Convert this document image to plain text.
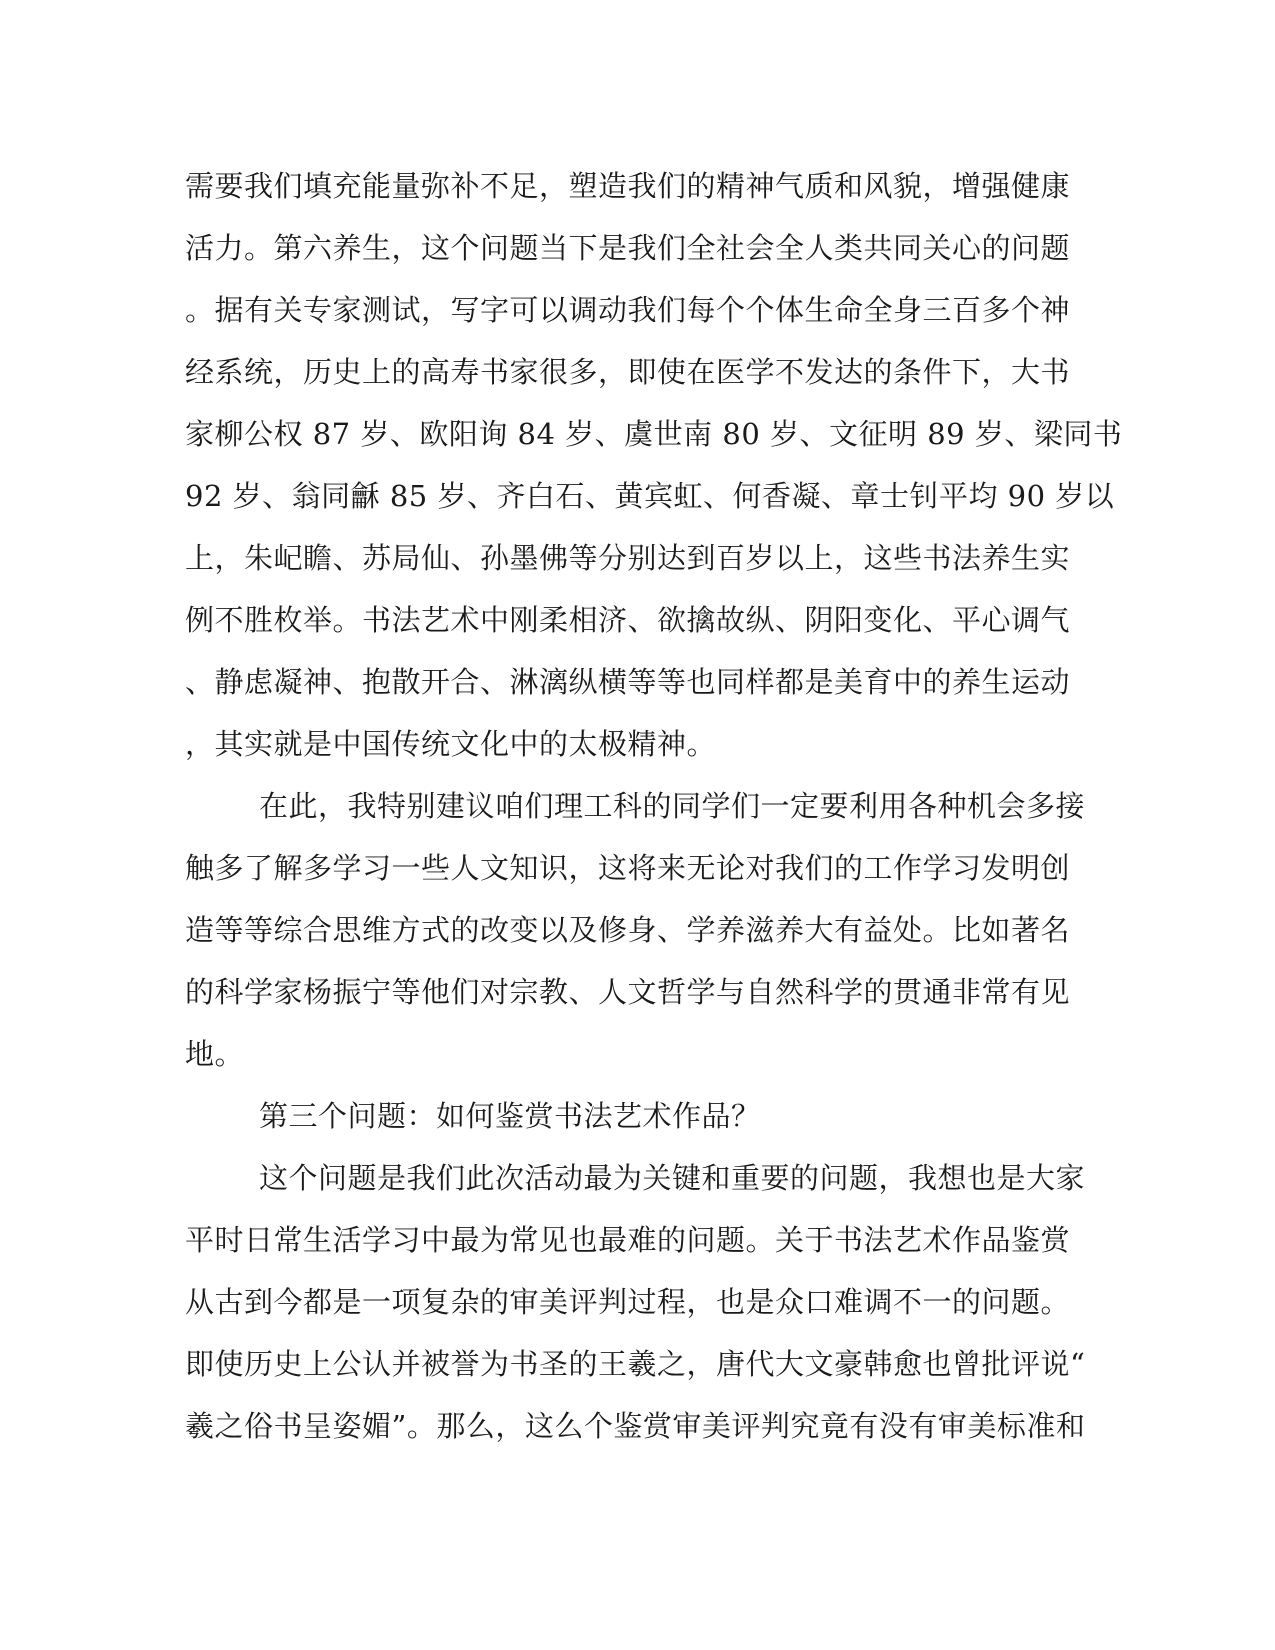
需要我们填充能量弥补不足，塑造我们的精神气质和风貌，增强健康
活力。第六养生，这个问题当下是我们全社会全人类共同关心的问题
。据有关专家测试，写字可以调动我们每个个体生命全身三百多个神
经系统，历史上的高寿书家很多，即使在医学不发达的条件下，大书
家柳公权 87 岁、欧阳询 84 岁、虞世南 80 岁、文征明 89 岁、梁同书
92 岁、翁同龢 85 岁、齐白石、黄宾虹、何香凝、章士钊平均 90 岁以
上，朱屺瞻、苏局仙、孙墨佛等分别达到百岁以上，这些书法养生实
例不胜枚举。书法艺术中刚柔相济、欲擒故纵、阴阳变化、平心调气
、静虑凝神、抱散开合、淋漓纵横等等也同样都是美育中的养生运动
，其实就是中国传统文化中的太极精神。
在此，我特别建议咱们理工科的同学们一定要利用各种机会多接
触多了解多学习一些人文知识，这将来无论对我们的工作学习发明创
造等等综合思维方式的改变以及修身、学养滋养大有益处。比如著名
的科学家杨振宁等他们对宗教、人文哲学与自然科学的贯通非常有见
地。
第三个问题：如何鉴赏书法艺术作品？
这个问题是我们此次活动最为关键和重要的问题，我想也是大家
平时日常生活学习中最为常见也最难的问题。关于书法艺术作品鉴赏
从古到今都是一项复杂的审美评判过程，也是众口难调不一的问题。
即使历史上公认并被誉为书圣的王羲之，唐代大文豪韩愈也曾批评说“
羲之俗书呈姿媚”。那么，这么个鉴赏审美评判究竟有没有审美标准和
